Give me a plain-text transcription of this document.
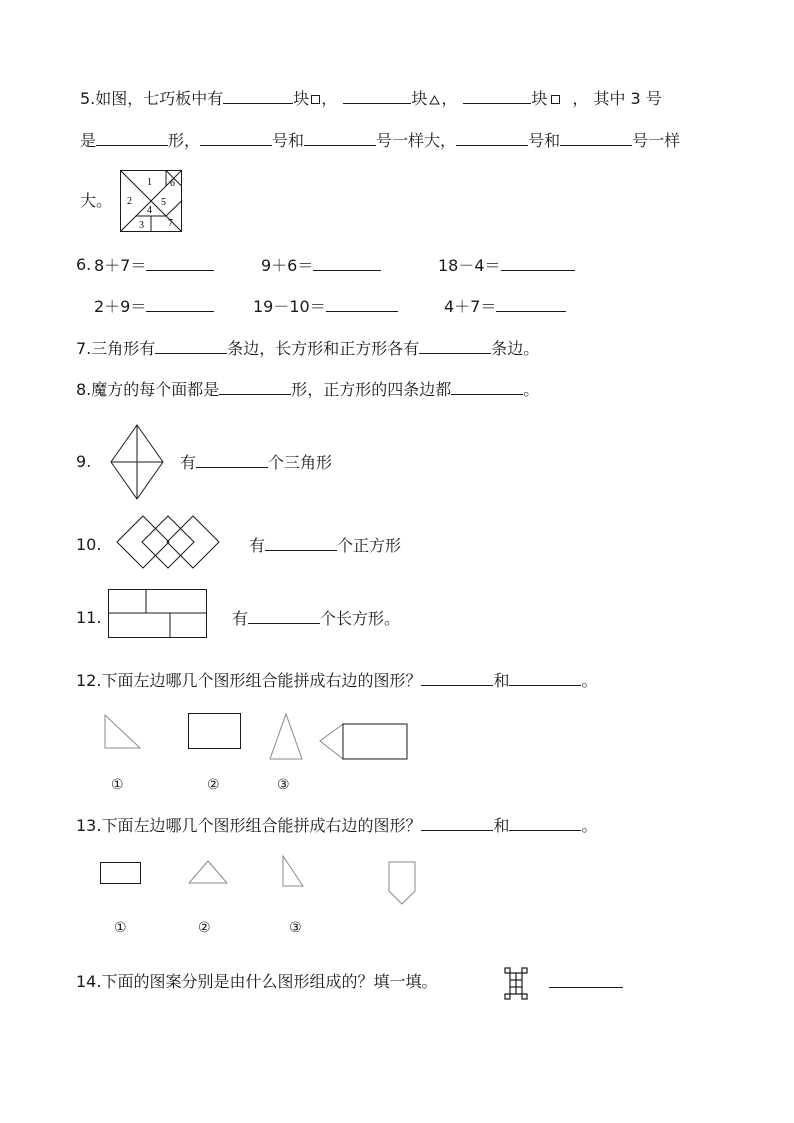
5.如图，七巧板中有	块 ，	块 ，	块 ， 其中 3 号
是	形，	号和	号一样大，	号和	号一样
大。
1
2
3
4
5
6
7
6. 8＋7＝	9＋6＝	18－4＝
2＋9＝	19－10＝	4＋7＝
7.三角形有	条边，长方形和正方形各有	条边。
8.魔方的每个面都是	形，正方形的四条边都	。
9.	有	个三角形
10.	有	个正方形
11.	有	个长方形。
12.下面左边哪几个图形组合能拼成右边的图形？	和	。
①	②	③
13.下面左边哪几个图形组合能拼成右边的图形？	和	。
①	②	③
14.下面的图案分别是由什么图形组成的？填一填。
